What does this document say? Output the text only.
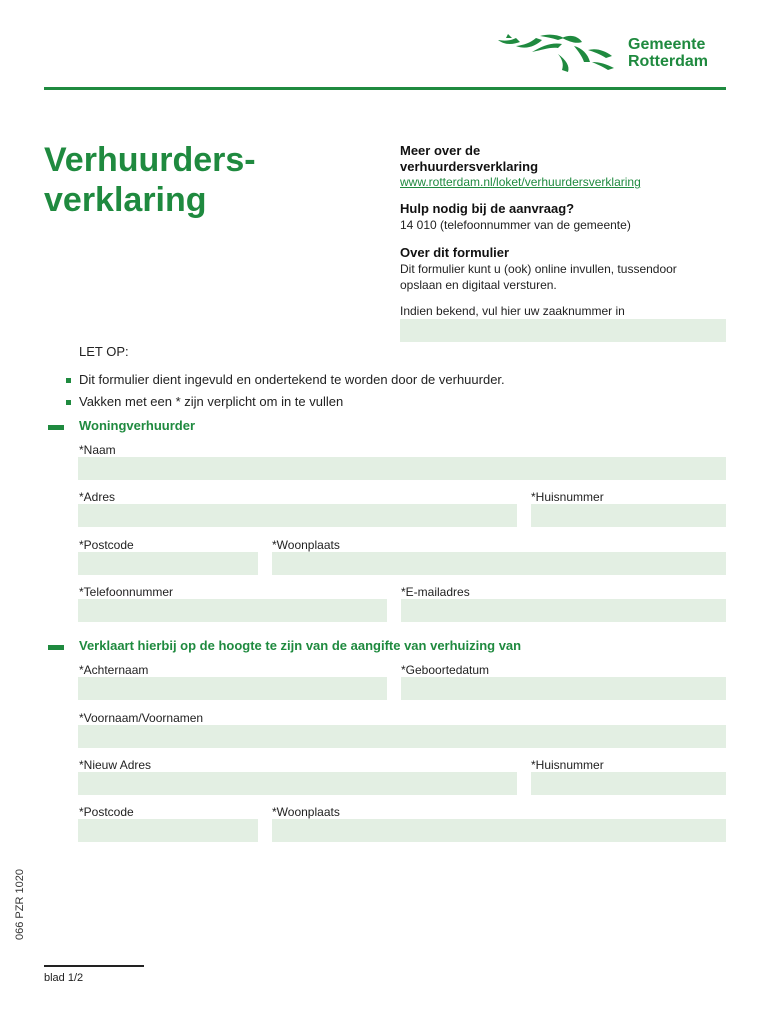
Gemeente
Rotterdam
Verhuurders-
verklaring
Meer over de
verhuurdersverklaring
www.rotterdam.nl/loket/verhuurdersverklaring
Hulp nodig bij de aanvraag?
14 010 (telefoonnummer van de gemeente)
Over dit formulier
Dit formulier kunt u (ook) online invullen, tussendoor
opslaan en digitaal versturen.
Indien bekend, vul hier uw zaaknummer in
LET OP:
Dit formulier dient ingevuld en ondertekend te worden door de verhuurder.
Vakken met een * zijn verplicht om in te vullen
Woningverhuurder
*Naam
*Adres	*Huisnummer
*Postcode	*Woonplaats
*Telefoonnummer	*E-mailadres
Verklaart hierbij op de hoogte te zijn van de aangifte van verhuizing van
*Achternaam	*Geboortedatum
*Voornaam/Voornamen
*Nieuw Adres	*Huisnummer
*Postcode	*Woonplaats
066 PZR 1020
blad 1/2
